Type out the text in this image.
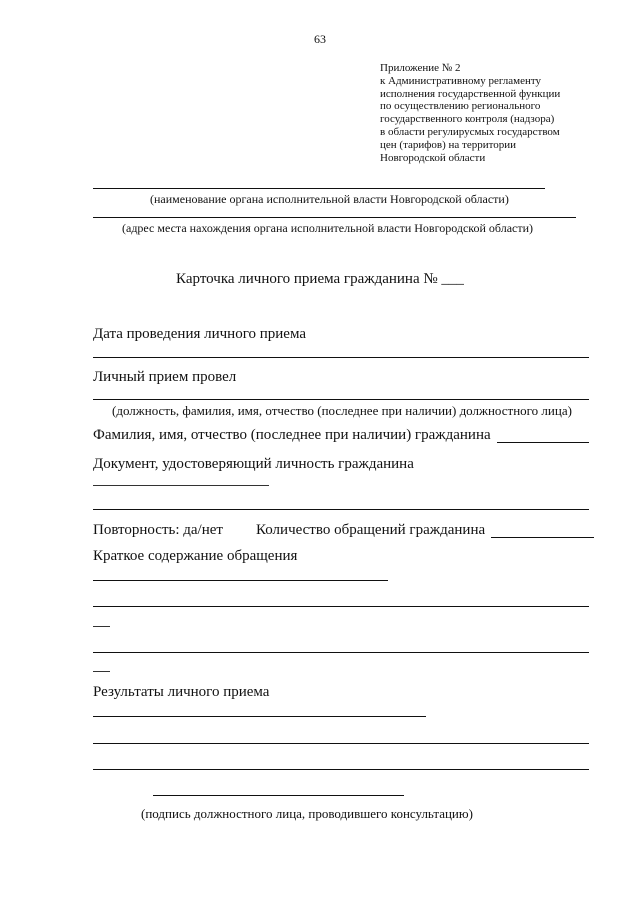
63
Приложение № 2
к Административному регламенту
исполнения государственной функции
по осуществлению регионального
государственного контроля (надзора)
в области регулирусмых государством
цен (тарифов) на территории
Новгородской области
(наименование органа исполнительной власти Новгородской области)
(адрес места нахождения органа исполнительной власти Новгородской области)
Карточка личного приема гражданина № ___
Дата проведения личного приема
Личный прием провел
(должность, фамилия, имя, отчество (последнее при наличии) должностного лица)
Фамилия, имя, отчество (последнее при наличии) гражданина
Документ, удостоверяющий личность гражданина
Повторность: да/нет Количество обращений гражданина
Краткое содержание обращения
Результаты личного приема
(подпись должностного лица, проводившего консультацию)
